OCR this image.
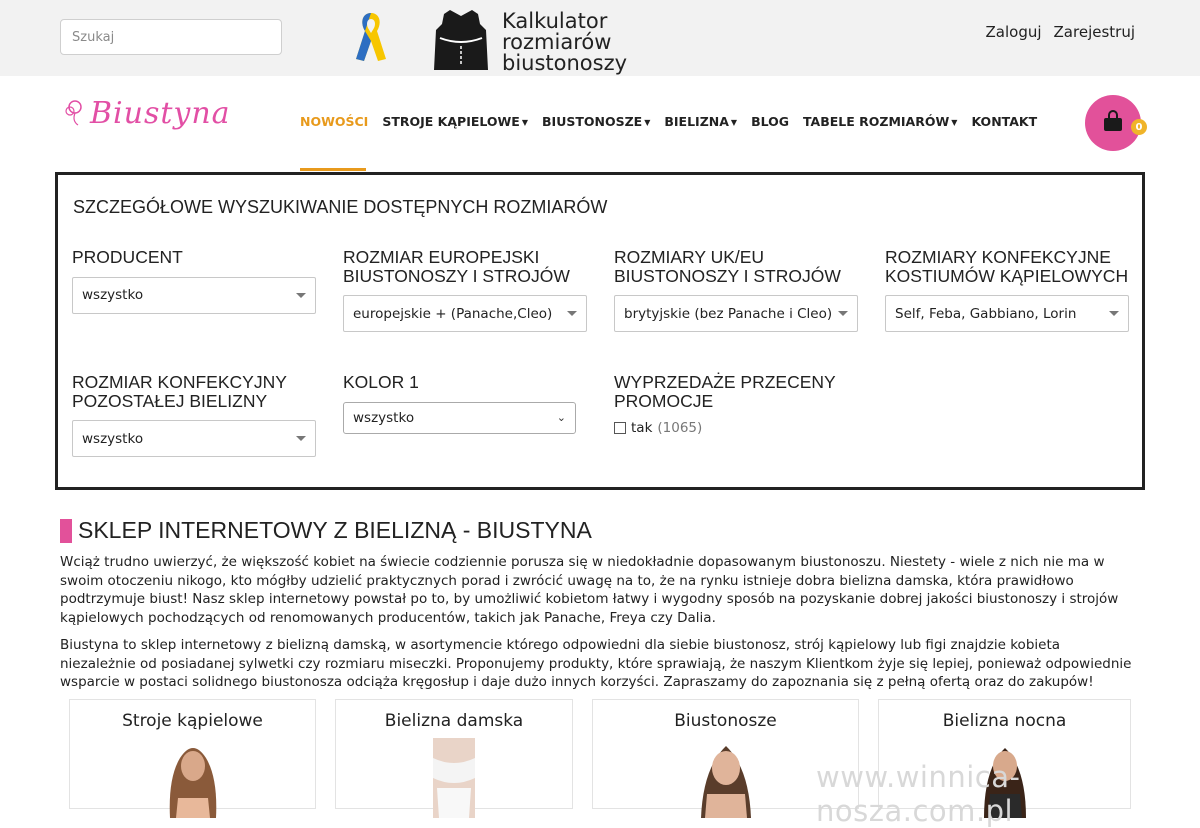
Szukaj
Kalkulator
rozmiarów
biustonoszy
Zaloguj Zarejestruj
Biustyna	NOWOŚCI STROJE KĄPIELOWE ▼ BIUSTONOSZE ▼ BIELIZNA ▼ BLOG TABELE ROZMIARÓW ▼ KONTAKT	0
SZCZEGÓŁOWE WYSZUKIWANIE DOSTĘPNYCH ROZMIARÓW
PRODUCENT
wszystko
ROZMIAR EUROPEJSKI BIUSTONOSZY I STROJÓW
europejskie + (Panache,Cleo)
ROZMIARY UK/EU BIUSTONOSZY I STROJÓW
brytyjskie (bez Panache i Cleo)
ROZMIARY KONFEKCYJNE KOSTIUMÓW KĄPIELOWYCH
Self, Feba, Gabbiano, Lorin
ROZMIAR KONFEKCYJNY POZOSTAŁEJ BIELIZNY
wszystko
KOLOR 1
wszystko	⌄
WYPRZEDAŻE PRZECENY PROMOCJE
tak (1065)
SKLEP INTERNETOWY Z BIELIZNĄ - BIUSTYNA

Wciąż trudno uwierzyć, że większość kobiet na świecie codziennie porusza się w niedokładnie dopasowanym biustonoszu. Niestety - wiele z nich nie ma w swoim otoczeniu nikogo, kto mógłby udzielić praktycznych porad i zwrócić uwagę na to, że na rynku istnieje dobra bielizna damska, która prawidłowo podtrzymuje biust! Nasz sklep internetowy powstał po to, by umożliwić kobietom łatwy i wygodny sposób na pozyskanie dobrej jakości biustonoszy i strojów kąpielowych pochodzących od renomowanych producentów, takich jak Panache, Freya czy Dalia.

Biustyna to sklep internetowy z bielizną damską, w asortymencie którego odpowiedni dla siebie biustonosz, strój kąpielowy lub figi znajdzie kobieta niezależnie od posiadanej sylwetki czy rozmiaru miseczki. Proponujemy produkty, które sprawiają, że naszym Klientkom żyje się lepiej, ponieważ odpowiednie wsparcie w postaci solidnego biustonosza odciąża kręgosłup i daje dużo innych korzyści. Zapraszamy do zapoznania się z pełną ofertą oraz do zakupów!

Stroje kąpielowe	Bielizna damska	Biustonosze	Bielizna nocna
www.winnica-nosza.com.pl
